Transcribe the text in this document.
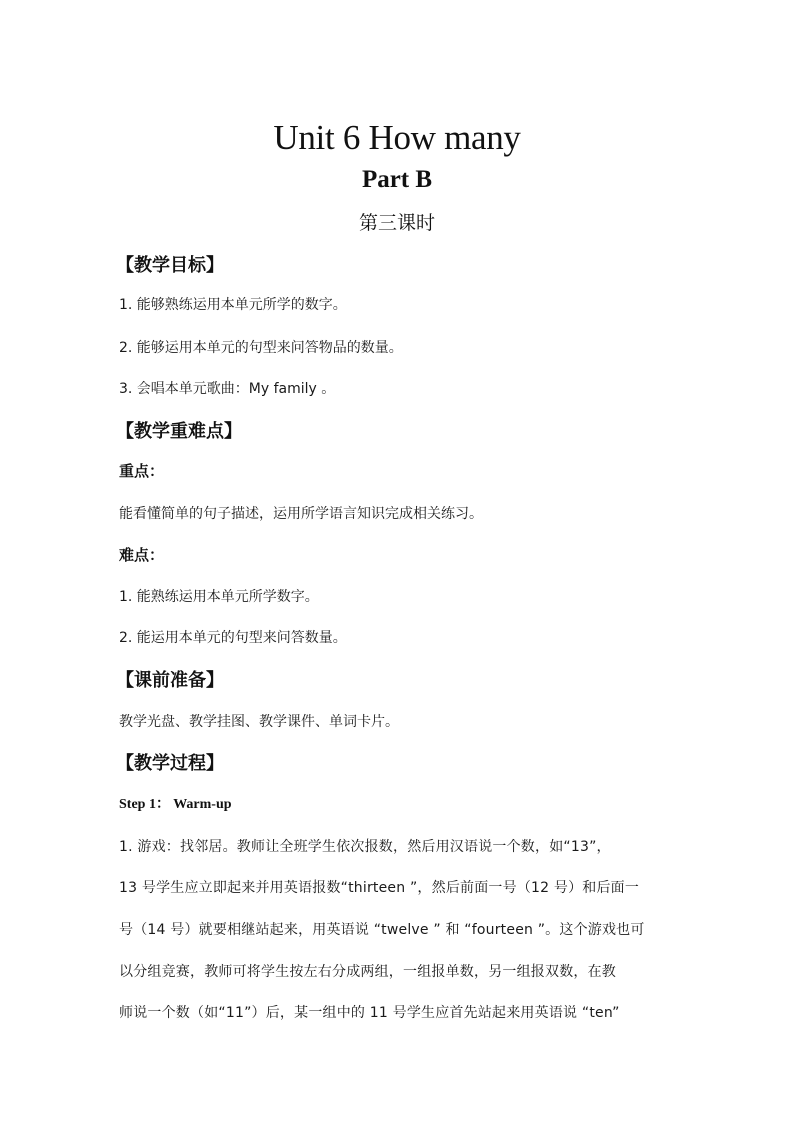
Unit 6 How many
Part B
第三课时
【教学目标】
1. 能够熟练运用本单元所学的数字。
2. 能够运用本单元的句型来问答物品的数量。
3. 会唱本单元歌曲：My family 。
【教学重难点】
重点：
能看懂简单的句子描述，运用所学语言知识完成相关练习。
难点：
1. 能熟练运用本单元所学数字。
2. 能运用本单元的句型来问答数量。
【课前准备】
教学光盘、教学挂图、教学课件、单词卡片。
【教学过程】
Step 1： Warm-up
1. 游戏：找邻居。教师让全班学生依次报数，然后用汉语说一个数，如“13”，
13 号学生应立即起来并用英语报数“thirteen ”，然后前面一号（12 号）和后面一
号（14 号）就要相继站起来，用英语说 “twelve ” 和 “fourteen ”。这个游戏也可
以分组竞赛，教师可将学生按左右分成两组，一组报单数，另一组报双数，在教
师说一个数（如“11”）后，某一组中的 11 号学生应首先站起来用英语说 “ten”
